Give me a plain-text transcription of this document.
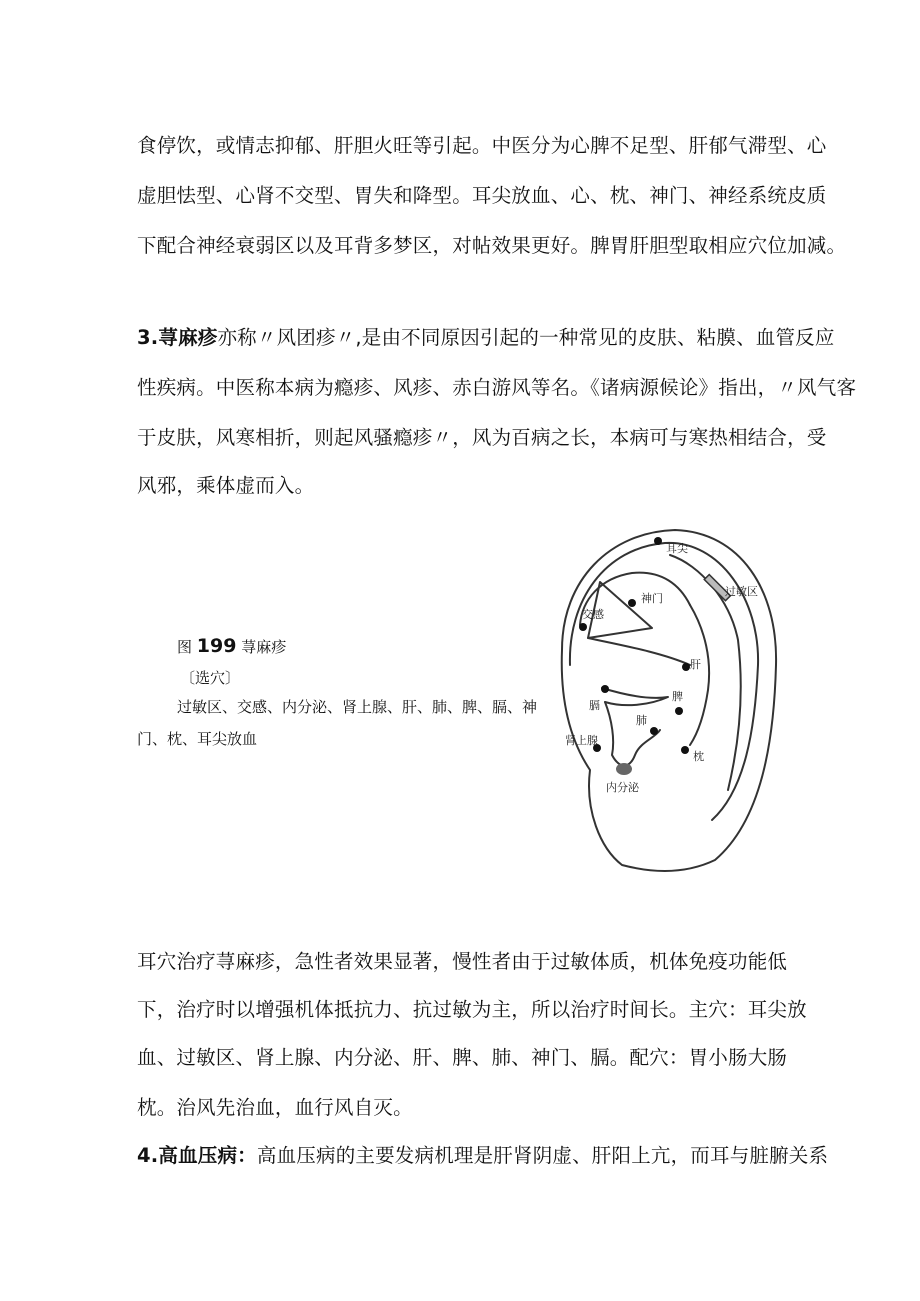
食停饮，或情志抑郁、肝胆火旺等引起。中医分为心脾不足型、肝郁气滞型、心

虚胆怯型、心肾不交型、胃失和降型。耳尖放血、心、枕、神门、神经系统皮质

下配合神经衰弱区以及耳背多梦区，对帖效果更好。脾胃肝胆型取相应穴位加减。

3.荨麻疹亦称〃风团疹〃,是由不同原因引起的一种常见的皮肤、粘膜、血管反应

性疾病。中医称本病为瘾疹、风疹、赤白游风等名。《诸病源候论》指出，〃风气客

于皮肤，风寒相折，则起风骚瘾疹〃，风为百病之长，本病可与寒热相结合，受

风邪，乘体虚而入。

图 199 荨麻疹
〔选穴〕
过敏区、交感、内分泌、肾上腺、肝、肺、脾、膈、神
门、枕、耳尖放血
耳尖
过敏区
神门
交感
肝
脾
膈
肺
肾上腺
枕
内分泌

耳穴治疗荨麻疹，急性者效果显著，慢性者由于过敏体质，机体免疫功能低

下，治疗时以增强机体抵抗力、抗过敏为主，所以治疗时间长。主穴：耳尖放

血、过敏区、肾上腺、内分泌、肝、脾、肺、神门、膈。配穴：胃小肠大肠

枕。治风先治血，血行风自灭。

4.高血压病：高血压病的主要发病机理是肝肾阴虚、肝阳上亢，而耳与脏腑关系
